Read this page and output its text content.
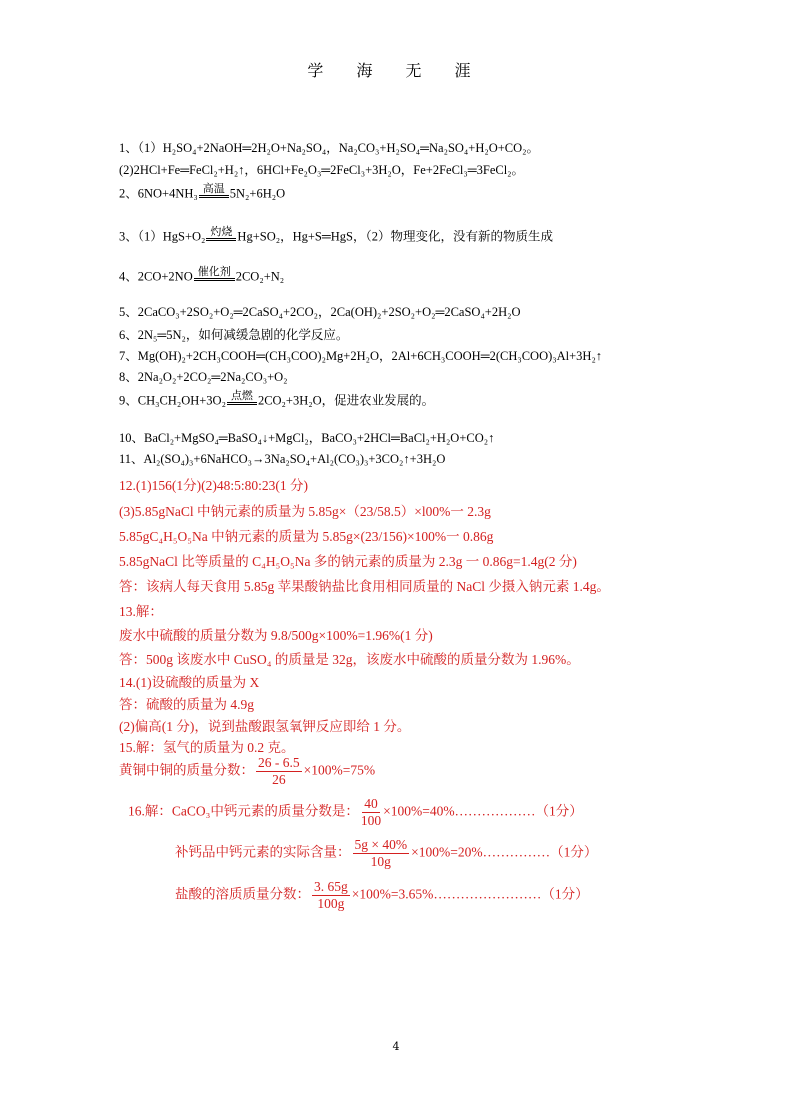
学 海 无 涯
1、（1）H₂SO₄+2NaOH═2H₂O+Na₂SO₄，Na₂CO₃+H₂SO₄═Na₂SO₄+H₂O+CO₂。
(2)2HCl+Fe═FeCl₂+H₂↑，6HCl+Fe₂O₃═2FeCl₃+3H₂O，Fe+2FeCl₃═3FeCl₂。
2、6NO+4NH₃ 高温 5N₂+6H₂O
3、（1）HgS+O₂ 灼烧 Hg+SO₂，Hg+S═HgS，（2）物理变化，没有新的物质生成
4、2CO+2NO 催化剂 2CO₂+N₂
5、2CaCO₃+2SO₂+O₂═2CaSO₄+2CO₂，2Ca(OH)₂+2SO₂+O₂═2CaSO₄+2H₂O
6、2N₅═5N₂，如何减缓急剧的化学反应。
7、Mg(OH)₂+2CH₃COOH═(CH₃COO)₂Mg+2H₂O，2Al+6CH₃COOH═2(CH₃COO)₃Al+3H₂↑
8、2Na₂O₂+2CO₂═2Na₂CO₃+O₂
9、CH₃CH₂OH+3O₂ 点燃 2CO₂+3H₂O，促进农业发展的。
10、BaCl₂+MgSO₄═BaSO₄↓+MgCl₂，BaCO₃+2HCl═BaCl₂+H₂O+CO₂↑
11、Al₂(SO₄)₃+6NaHCO₃→3Na₂SO₄+Al₂(CO₃)₃+3CO₂↑+3H₂O
12.(1)156(1分)(2)48:5:80:23(1 分)
(3)5.85gNaCl 中钠元素的质量为 5.85g×（23/58.5）×l00%一 2.3g
5.85gC₄H₅O₅Na 中钠元素的质量为 5.85g×(23/156)×100%一 0.86g
5.85gNaCl 比等质量的 C₄H₅O₅Na 多的钠元素的质量为 2.3g 一 0.86g=1.4g(2 分)
答：该病人每天食用 5.85g 苹果酸钠盐比食用相同质量的 NaCl 少摄入钠元素 1.4g。
13.解：
废水中硫酸的质量分数为 9.8/500g×100%=1.96%(1 分)
答：500g 该废水中 CuSO₄ 的质量是 32g，该废水中硫酸的质量分数为 1.96%。
14.(1)设硫酸的质量为 X
答：硫酸的质量为 4.9g
(2)偏高(1 分)，说到盐酸跟氢氧钾反应即给 1 分。
15.解：氢气的质量为 0.2 克。
黄铜中铜的质量分数： $\frac{26 - 6.5}{26} \times 100\%=75\%$
16.解：CaCO₃中钙元素的质量分数是： $\frac{40}{100}$ ×100%=40%………………（1分）
补钙品中钙元素的实际含量： $\frac{5g \times 40\%}{10g}$ ×100%=20%……………（1分）
盐酸的溶质质量分数： $\frac{3. 65g}{100g}$ ×100%=3.65%……………………（1分）
4
